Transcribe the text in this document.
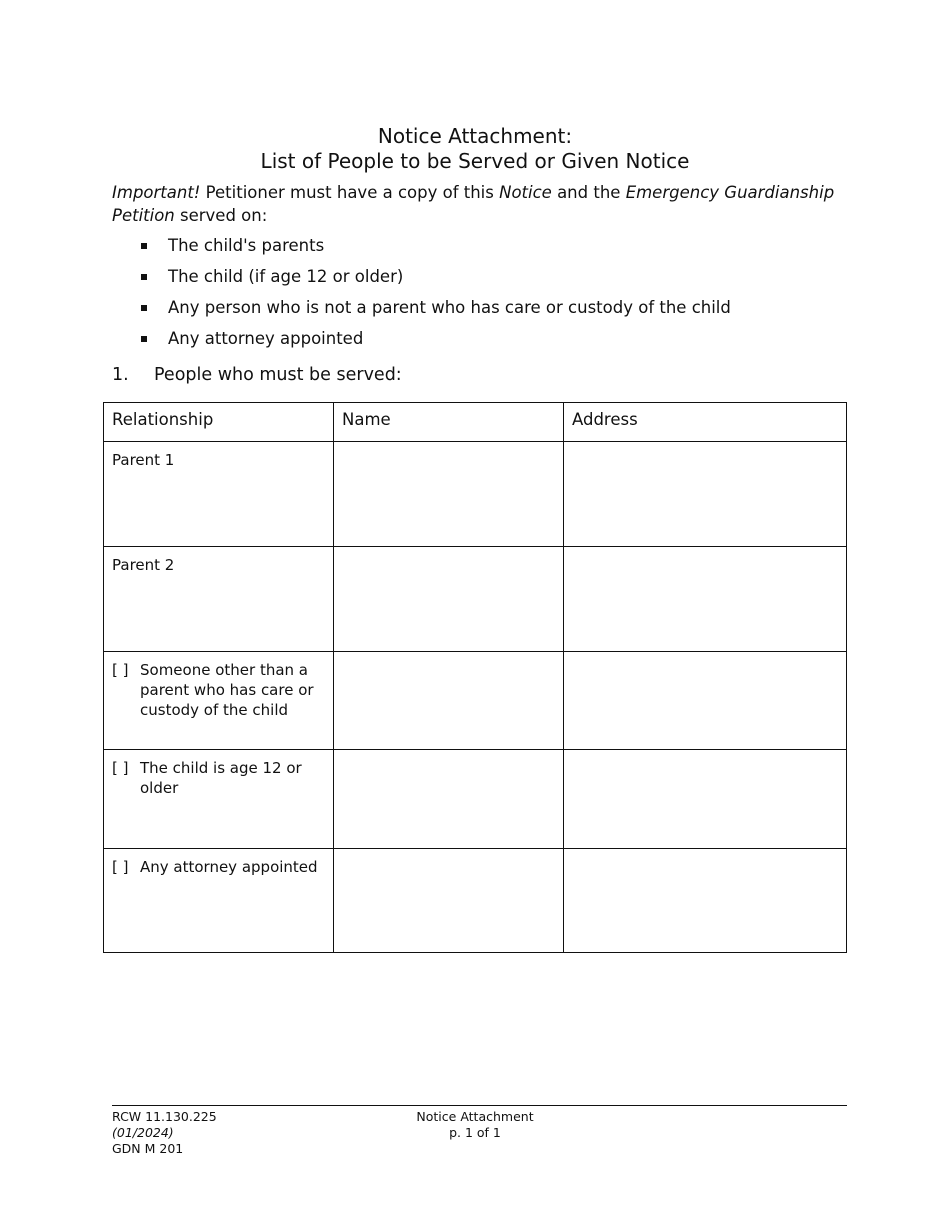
Notice Attachment:
List of People to be Served or Given Notice
Important! Petitioner must have a copy of this Notice and the Emergency Guardianship Petition served on:
The child's parents
The child (if age 12 or older)
Any person who is not a parent who has care or custody of the child
Any attorney appointed
1. People who must be served:
Relationship	Name	Address
Parent 1		
Parent 2		

[ ] Someone other than a parent who has care or custody of the child		

[ ] The child is age 12 or older		

[ ] Any attorney appointed		

RCW 11.130.225
(01/2024)
GDN M 201
Notice Attachment
p. 1 of 1
